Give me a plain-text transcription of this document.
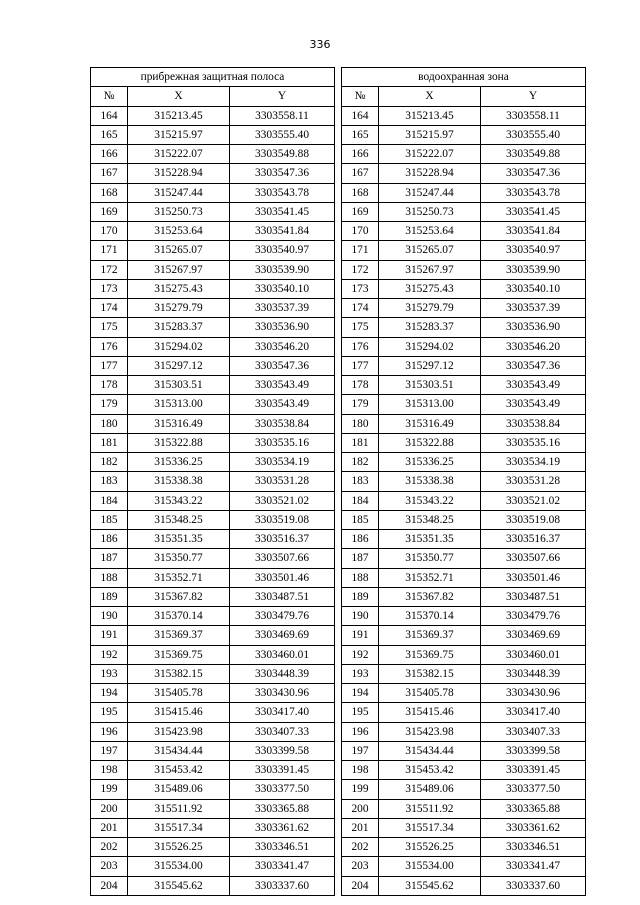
336
прибрежная защитная полоса		
№	X	Y
164	315213.45	3303558.11
165	315215.97	3303555.40
166	315222.07	3303549.88
167	315228.94	3303547.36
168	315247.44	3303543.78
169	315250.73	3303541.45
170	315253.64	3303541.84
171	315265.07	3303540.97
172	315267.97	3303539.90
173	315275.43	3303540.10
174	315279.79	3303537.39
175	315283.37	3303536.90
176	315294.02	3303546.20
177	315297.12	3303547.36
178	315303.51	3303543.49
179	315313.00	3303543.49
180	315316.49	3303538.84
181	315322.88	3303535.16
182	315336.25	3303534.19
183	315338.38	3303531.28
184	315343.22	3303521.02
185	315348.25	3303519.08
186	315351.35	3303516.37
187	315350.77	3303507.66
188	315352.71	3303501.46
189	315367.82	3303487.51
190	315370.14	3303479.76
191	315369.37	3303469.69
192	315369.75	3303460.01
193	315382.15	3303448.39
194	315405.78	3303430.96
195	315415.46	3303417.40
196	315423.98	3303407.33
197	315434.44	3303399.58
198	315453.42	3303391.45
199	315489.06	3303377.50
200	315511.92	3303365.88
201	315517.34	3303361.62
202	315526.25	3303346.51
203	315534.00	3303341.47
204	315545.62	3303337.60
водоохранная зона		
№	X	Y
164	315213.45	3303558.11
165	315215.97	3303555.40
166	315222.07	3303549.88
167	315228.94	3303547.36
168	315247.44	3303543.78
169	315250.73	3303541.45
170	315253.64	3303541.84
171	315265.07	3303540.97
172	315267.97	3303539.90
173	315275.43	3303540.10
174	315279.79	3303537.39
175	315283.37	3303536.90
176	315294.02	3303546.20
177	315297.12	3303547.36
178	315303.51	3303543.49
179	315313.00	3303543.49
180	315316.49	3303538.84
181	315322.88	3303535.16
182	315336.25	3303534.19
183	315338.38	3303531.28
184	315343.22	3303521.02
185	315348.25	3303519.08
186	315351.35	3303516.37
187	315350.77	3303507.66
188	315352.71	3303501.46
189	315367.82	3303487.51
190	315370.14	3303479.76
191	315369.37	3303469.69
192	315369.75	3303460.01
193	315382.15	3303448.39
194	315405.78	3303430.96
195	315415.46	3303417.40
196	315423.98	3303407.33
197	315434.44	3303399.58
198	315453.42	3303391.45
199	315489.06	3303377.50
200	315511.92	3303365.88
201	315517.34	3303361.62
202	315526.25	3303346.51
203	315534.00	3303341.47
204	315545.62	3303337.60
